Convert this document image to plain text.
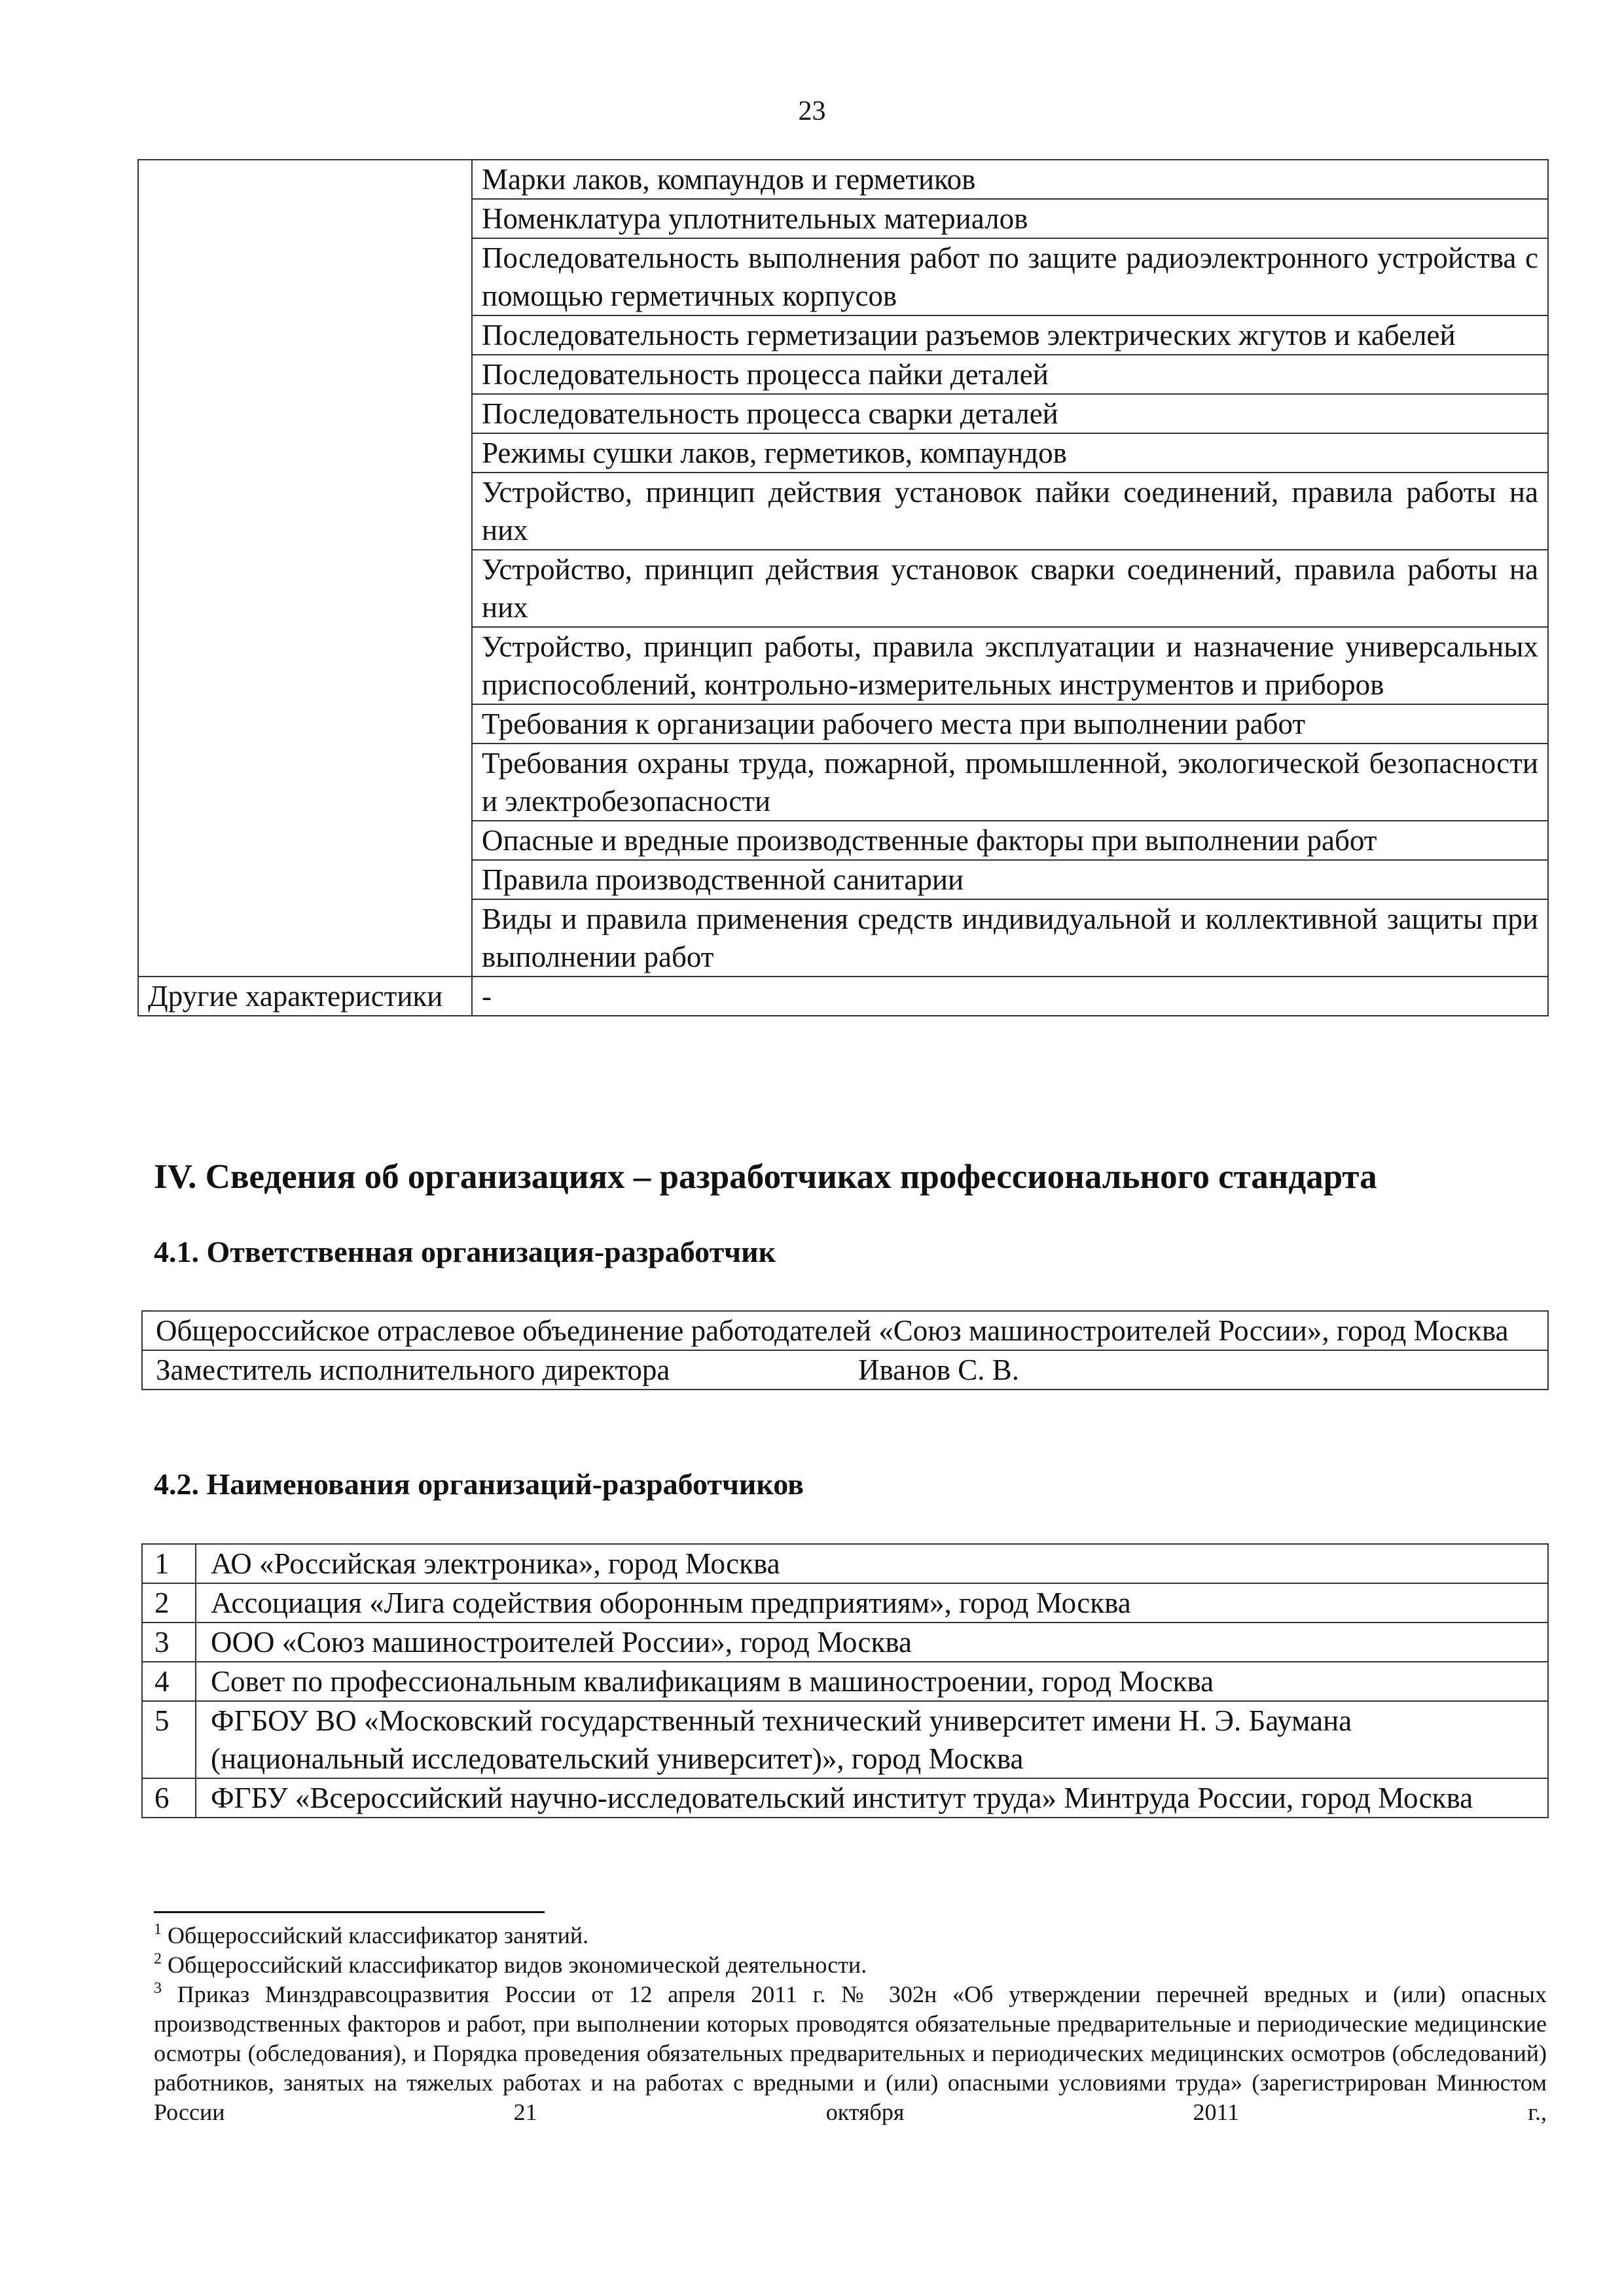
23
	Марки лаков, компаундов и герметиков
	Номенклатура уплотнительных материалов
	Последовательность выполнения работ по защите радиоэлектронного устройства с помощью герметичных корпусов
	Последовательность герметизации разъемов электрических жгутов и кабелей
	Последовательность процесса пайки деталей
	Последовательность процесса сварки деталей
	Режимы сушки лаков, герметиков, компаундов
	Устройство, принцип действия установок пайки соединений, правила работы на них
	Устройство, принцип действия установок сварки соединений, правила работы на них
	Устройство, принцип работы, правила эксплуатации и назначение универсальных приспособлений, контрольно-измерительных инструментов и приборов
	Требования к организации рабочего места при выполнении работ
	Требования охраны труда, пожарной, промышленной, экологической безопасности и электробезопасности
	Опасные и вредные производственные факторы при выполнении работ
	Правила производственной санитарии
	Виды и правила применения средств индивидуальной и коллективной защиты при выполнении работ
Другие характеристики	-
IV. Сведения об организациях – разработчиках профессионального стандарта
4.1. Ответственная организация-разработчик
Общероссийское отраслевое объединение работодателей «Союз машиностроителей России», город Москва
Заместитель исполнительного директора	Иванов С. В.
4.2. Наименования организаций-разработчиков
1	АО «Российская электроника», город Москва
2	Ассоциация «Лига содействия оборонным предприятиям», город Москва
3	ООО «Союз машиностроителей России», город Москва
4	Совет по профессиональным квалификациям в машиностроении, город Москва
5	ФГБОУ ВО «Московский государственный технический университет имени Н. Э. Баумана (национальный исследовательский университет)», город Москва
6	ФГБУ «Всероссийский научно-исследовательский институт труда» Минтруда России, город Москва

$^1$ Общероссийский классификатор занятий.

$^2$ Общероссийский классификатор видов экономической деятельности.

$^3$ Приказ Минздравсоцразвития России от 12 апреля 2011 г. № 302н «Об утверждении перечней вредных и (или) опасных производственных факторов и работ, при выполнении которых проводятся обязательные предварительные и периодические медицинские осмотры (обследования), и Порядка проведения обязательных предварительных и периодических медицинских осмотров (обследований) работников, занятых на тяжелых работах и на работах с вредными и (или) опасными условиями труда» (зарегистрирован Минюстом России 21 октября 2011 г.,
